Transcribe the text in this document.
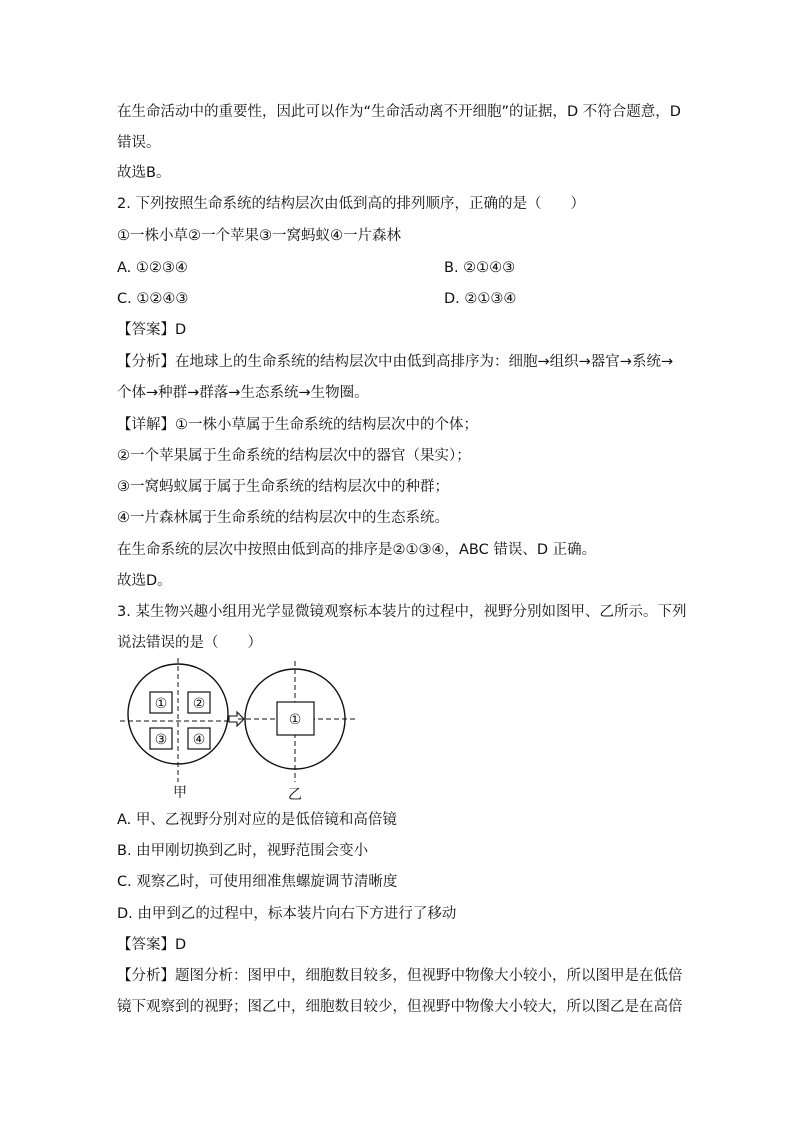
在生命活动中的重要性，因此可以作为“生命活动离不开细胞”的证据，D 不符合题意，D
错误。
故选B。
2. 下列按照生命系统的结构层次由低到高的排列顺序，正确的是（　　）
①一株小草②一个苹果③一窝蚂蚁④一片森林
A. ①②③④	B. ②①④③
C. ①②④③	D. ②①③④
【答案】D
【分析】在地球上的生命系统的结构层次中由低到高排序为：细胞→组织→器官→系统→
个体→种群→群落→生态系统→生物圈。
【详解】①一株小草属于生命系统的结构层次中的个体；
②一个苹果属于生命系统的结构层次中的器官（果实）；
③一窝蚂蚁属于属于生命系统的结构层次中的种群；
④一片森林属于生命系统的结构层次中的生态系统。
在生命系统的层次中按照由低到高的排序是②①③④，ABC 错误、D 正确。
故选D。
3. 某生物兴趣小组用光学显微镜观察标本装片的过程中，视野分别如图甲、乙所示。下列
说法错误的是（　　）
① ②
③ ④
①
甲	乙
A. 甲、乙视野分别对应的是低倍镜和高倍镜
B. 由甲刚切换到乙时，视野范围会变小
C. 观察乙时，可使用细准焦螺旋调节清晰度
D. 由甲到乙的过程中，标本装片向右下方进行了移动
【答案】D
【分析】题图分析：图甲中，细胞数目较多，但视野中物像大小较小，所以图甲是在低倍
镜下观察到的视野；图乙中，细胞数目较少，但视野中物像大小较大，所以图乙是在高倍
